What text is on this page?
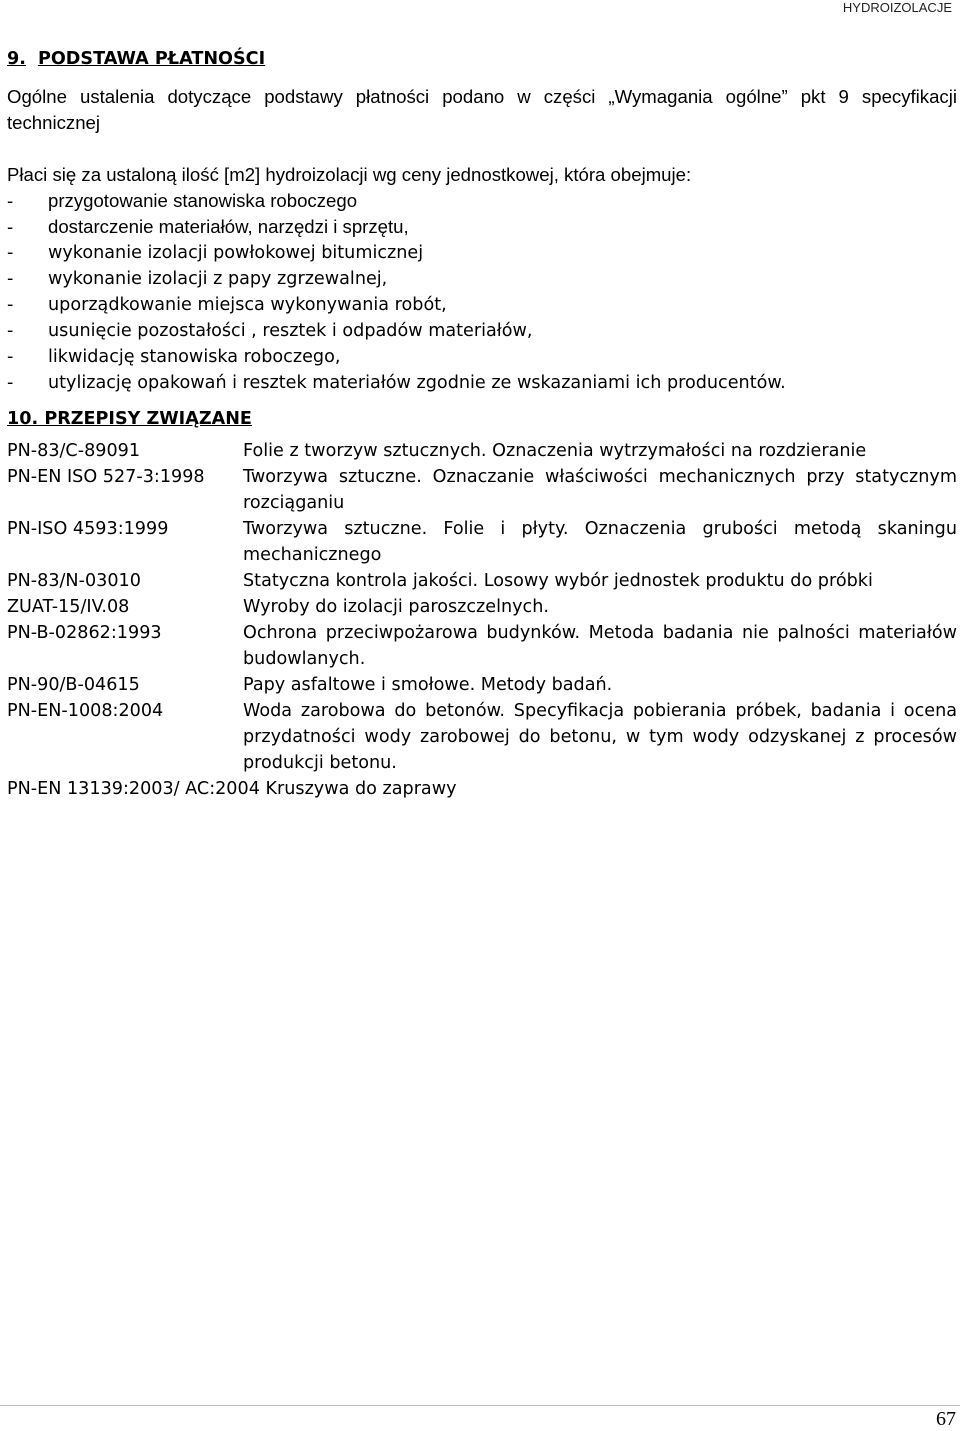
HYDROIZOLACJE
9. PODSTAWA PŁATNOŚCI
Ogólne ustalenia dotyczące podstawy płatności podano w części „Wymagania ogólne” pkt 9 specyfikacji technicznej
Płaci się za ustaloną ilość [m2] hydroizolacji wg ceny jednostkowej, która obejmuje:
- przygotowanie stanowiska roboczego
- dostarczenie materiałów, narzędzi i sprzętu,
- wykonanie izolacji powłokowej bitumicznej
- wykonanie izolacji z papy zgrzewalnej,
- uporządkowanie miejsca wykonywania robót,
- usunięcie pozostałości , resztek i odpadów materiałów,
- likwidację stanowiska roboczego,
- utylizację opakowań i resztek materiałów zgodnie ze wskazaniami ich producentów.
10. PRZEPISY ZWIĄZANE
PN-83/C-89091	Folie z tworzyw sztucznych. Oznaczenia wytrzymałości na rozdzieranie
PN-EN ISO 527-3:1998	Tworzywa sztuczne. Oznaczanie właściwości mechanicznych przy statycznym rozciąganiu
PN-ISO 4593:1999	Tworzywa sztuczne. Folie i płyty. Oznaczenia grubości metodą skaningu mechanicznego
PN-83/N-03010	Statyczna kontrola jakości. Losowy wybór jednostek produktu do próbki
ZUAT-15/IV.08	Wyroby do izolacji paroszczelnych.
PN-B-02862:1993	Ochrona przeciwpożarowa budynków. Metoda badania nie palności materiałów budowlanych.
PN-90/B-04615	Papy asfaltowe i smołowe. Metody badań.
PN-EN-1008:2004	Woda zarobowa do betonów. Specyfikacja pobierania próbek, badania i ocena przydatności wody zarobowej do betonu, w tym wody odzyskanej z procesów produkcji betonu.
PN-EN 13139:2003/ AC:2004 Kruszywa do zaprawy
67
